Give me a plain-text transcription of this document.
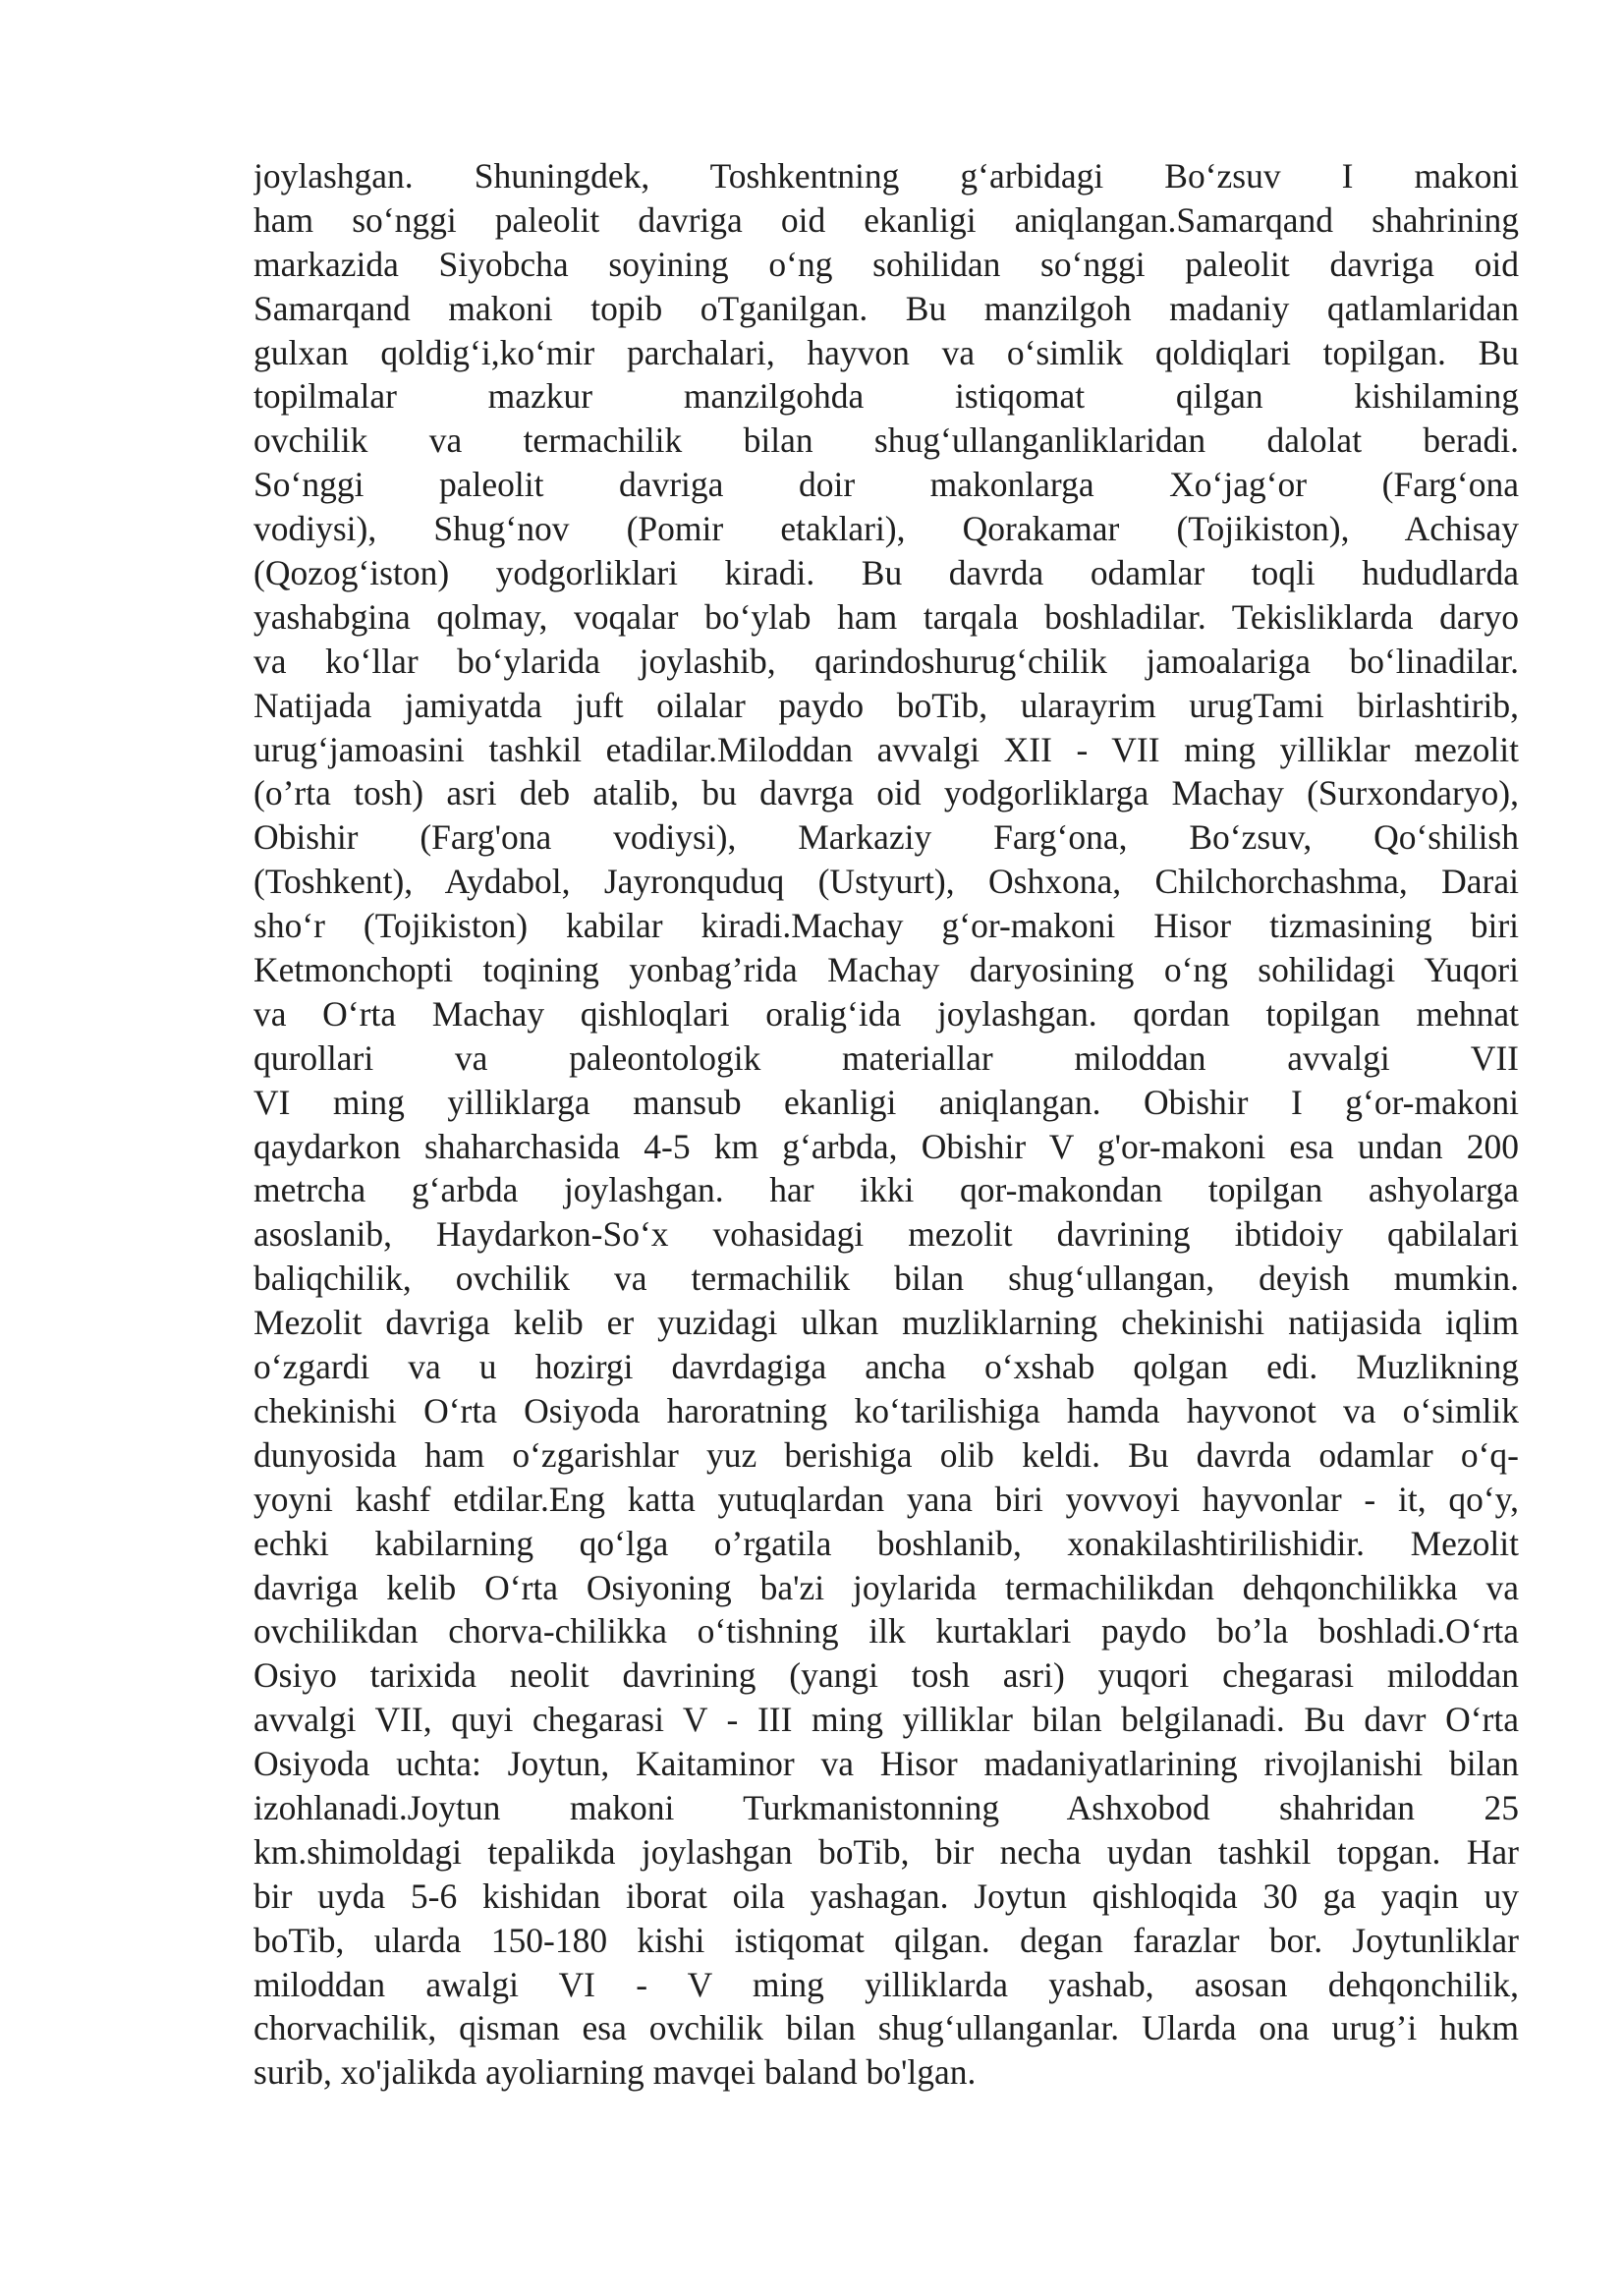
joylashgan. Shuningdek, Toshkentning g‘arbidagi Bo‘zsuv I makoni
ham so‘nggi paleolit davriga oid ekanligi aniqlangan.Samarqand shahrining
markazida Siyobcha soyining o‘ng sohilidan so‘nggi paleolit davriga oid
Samarqand makoni topib oTganilgan. Bu manzilgoh madaniy qatlamlaridan
gulxan qoldig‘i,ko‘mir parchalari, hayvon va o‘simlik qoldiqlari topilgan. Bu
topilmalar mazkur manzilgohda istiqomat qilgan kishilaming
ovchilik va termachilik bilan shug‘ullanganliklaridan dalolat beradi.
So‘nggi paleolit davriga doir makonlarga Xo‘jag‘or (Farg‘ona
vodiysi), Shug‘nov (Pomir etaklari), Qorakamar (Tojikiston), Achisay
(Qozog‘iston) yodgorliklari kiradi. Bu davrda odamlar toqli hududlarda
yashabgina qolmay, voqalar bo‘ylab ham tarqala boshladilar. Tekisliklarda daryo
va ko‘llar bo‘ylarida joylashib, qarindoshurug‘chilik jamoalariga bo‘linadilar.
Natijada jamiyatda juft oilalar paydo boTib, ularayrim urugTami birlashtirib,
urug‘jamoasini tashkil etadilar.Miloddan avvalgi XII - VII ming yilliklar mezolit
(o’rta tosh) asri deb atalib, bu davrga oid yodgorliklarga Machay (Surxondaryo),
Obishir (Farg'ona vodiysi), Markaziy Farg‘ona, Bo‘zsuv, Qo‘shilish
(Toshkent), Aydabol, Jayronquduq (Ustyurt), Oshxona, Chilchorchashma, Darai
sho‘r (Tojikiston) kabilar kiradi.Machay g‘or-makoni Hisor tizmasining biri
Ketmonchopti toqining yonbag’rida Machay daryosining o‘ng sohilidagi Yuqori
va O‘rta Machay qishloqlari oralig‘ida joylashgan. qordan topilgan mehnat
qurollari va paleontologik materiallar miloddan avvalgi VII
VI ming yilliklarga mansub ekanligi aniqlangan. Obishir I g‘or-makoni
qaydarkon shaharchasida 4-5 km g‘arbda, Obishir V g'or-makoni esa undan 200
metrcha g‘arbda joylashgan. har ikki qor-makondan topilgan ashyolarga
asoslanib, Haydarkon-So‘x vohasidagi mezolit davrining ibtidoiy qabilalari
baliqchilik, ovchilik va termachilik bilan shug‘ullangan, deyish mumkin.
Mezolit davriga kelib er yuzidagi ulkan muzliklarning chekinishi natijasida iqlim
o‘zgardi va u hozirgi davrdagiga ancha o‘xshab qolgan edi. Muzlikning
chekinishi O‘rta Osiyoda haroratning ko‘tarilishiga hamda hayvonot va o‘simlik
dunyosida ham o‘zgarishlar yuz berishiga olib keldi. Bu davrda odamlar o‘q-
yoyni kashf etdilar.Eng katta yutuqlardan yana biri yovvoyi hayvonlar - it, qo‘y,
echki kabilarning qo‘lga o’rgatila boshlanib, xonakilashtirilishidir. Mezolit
davriga kelib O‘rta Osiyoning ba'zi joylarida termachilikdan dehqonchilikka va
ovchilikdan chorva-chilikka o‘tishning ilk kurtaklari paydo bo’la boshladi.O‘rta
Osiyo tarixida neolit davrining (yangi tosh asri) yuqori chegarasi miloddan
avvalgi VII, quyi chegarasi V - III ming yilliklar bilan belgilanadi. Bu davr O‘rta
Osiyoda uchta: Joytun, Kaitaminor va Hisor madaniyatlarining rivojlanishi bilan
izohlanadi.Joytun makoni Turkmanistonning Ashxobod shahridan 25
km.shimoldagi tepalikda joylashgan boTib, bir necha uydan tashkil topgan. Har
bir uyda 5-6 kishidan iborat oila yashagan. Joytun qishloqida 30 ga yaqin uy
boTib, ularda 150-180 kishi istiqomat qilgan. degan farazlar bor. Joytunliklar
miloddan awalgi VI - V ming yilliklarda yashab, asosan dehqonchilik,
chorvachilik, qisman esa ovchilik bilan shug‘ullanganlar. Ularda ona urug’i hukm
surib, xo'jalikda ayoliarning mavqei baland bo'lgan.
